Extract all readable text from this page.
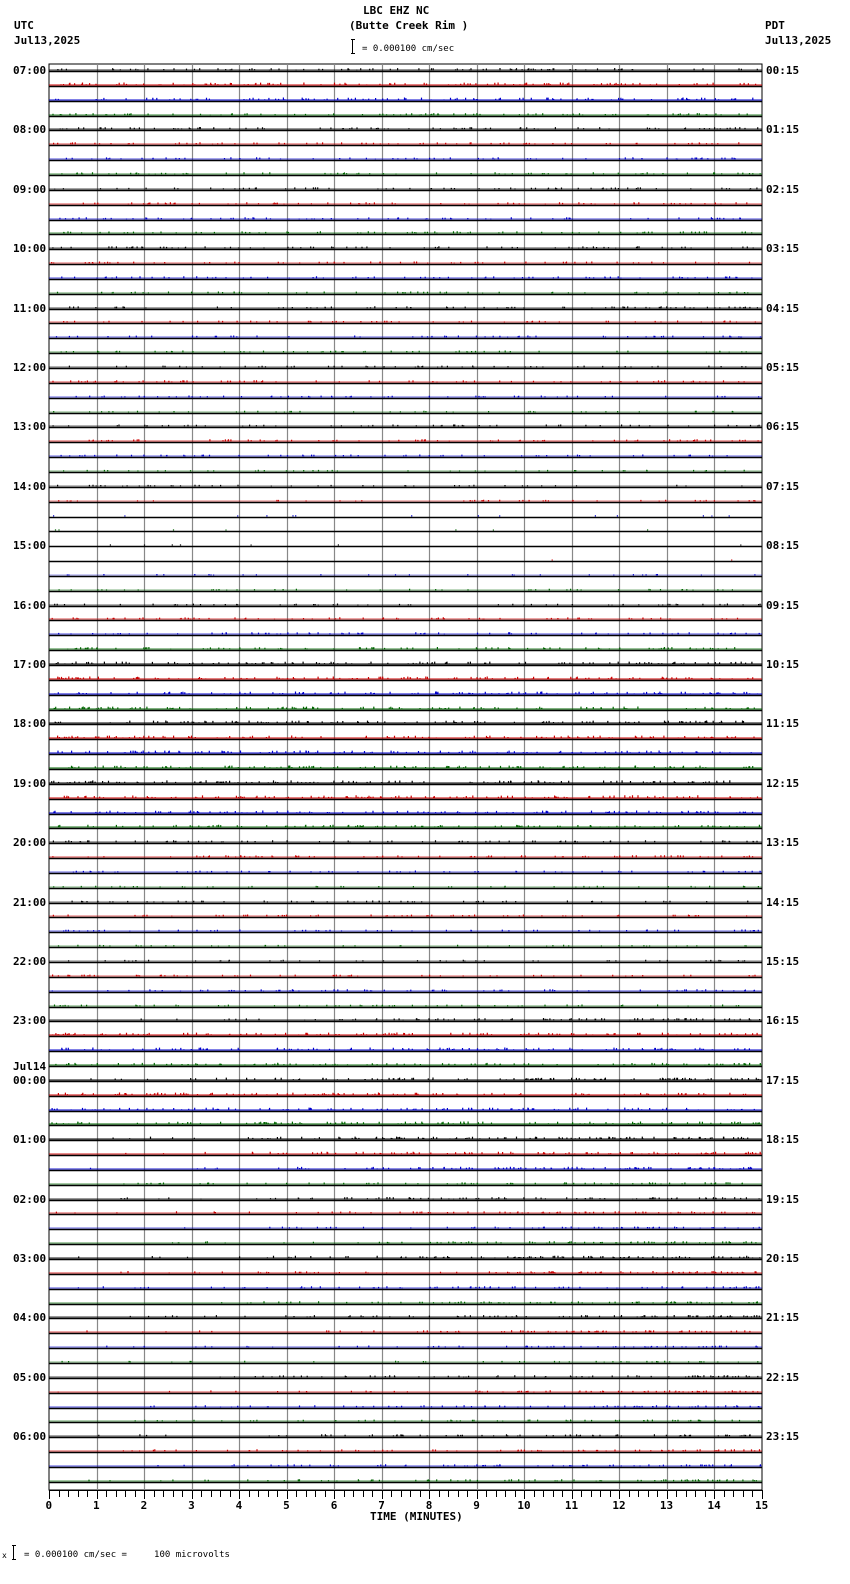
LBC EHZ NC
(Butte Creek Rim )
= 0.000100 cm/sec
UTC
Jul13,2025
PDT
Jul13,2025
0	1	2	3	4	5	6	7	8	9	10	11	12	13	14	15
07:00
08:00
09:00
10:00
11:00
12:00
13:00
14:00
15:00
16:00
17:00
18:00
19:00
20:00
21:00
22:00
23:00
00:00
Jul14
01:00
02:00
03:00
04:00
05:00
06:00
00:15
01:15
02:15
03:15
04:15
05:15
06:15
07:15
08:15
09:15
10:15
11:15
12:15
13:15
14:15
15:15
16:15
17:15
18:15
19:15
20:15
21:15
22:15
23:15
TIME (MINUTES)
x = 0.000100 cm/sec =     100 microvolts
